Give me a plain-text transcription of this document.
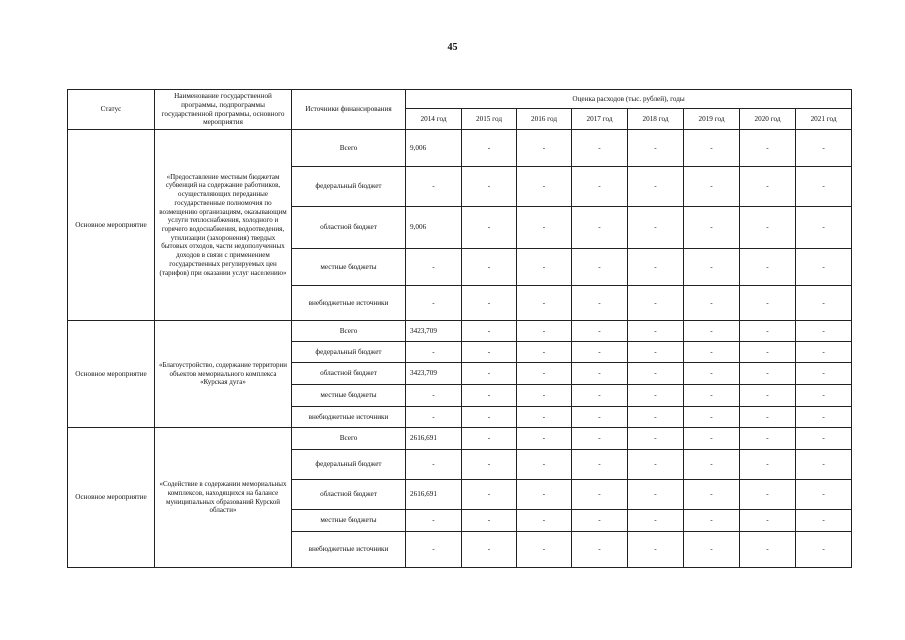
45
Статус	Наименование государственной программы, подпрограммы государственной программы, основного мероприятия	Источники финансирования	Оценка расходов (тыс. рублей), годы							
			2014 год	2015 год	2016 год	2017 год	2018 год	2019 год	2020 год	2021 год
Основное мероприятие	«Предоставление местным бюджетам субвенций на содержание работников, осуществляющих переданные государственные полномочия по возмещению организациям, оказывающим услуги теплоснабжения, холодного и горячего водоснабжения, водоотведения, утилизации (захоронения) твердых бытовых отходов, части недополученных доходов в связи с применением государственных регулируемых цен (тарифов) при оказании услуг населению»	Всего	9,006	-	-	-	-	-	-	-
		федеральный бюджет	-	-	-	-	-	-	-	-
		областной бюджет	9,006	-	-	-	-	-	-	-
		местные бюджеты	-	-	-	-	-	-	-	-
		внебюджетные источники	-	-	-	-	-	-	-	-
Основное мероприятие	«Благоустройство, содержание территории объектов мемориального комплекса «Курская дуга»	Всего	3423,709	-	-	-	-	-	-	-
		федеральный бюджет	-	-	-	-	-	-	-	-
		областной бюджет	3423,709	-	-	-	-	-	-	-
		местные бюджеты	-	-	-	-	-	-	-	-
		внебюджетные источники	-	-	-	-	-	-	-	-
Основное мероприятие	«Содействие в содержании мемориальных комплексов, находящихся на балансе муниципальных образований Курской области»	Всего	2616,691	-	-	-	-	-	-	-
		федеральный бюджет	-	-	-	-	-	-	-	-
		областной бюджет	2616,691	-	-	-	-	-	-	-
		местные бюджеты	-	-	-	-	-	-	-	-
		внебюджетные источники	-	-	-	-	-	-	-	-
